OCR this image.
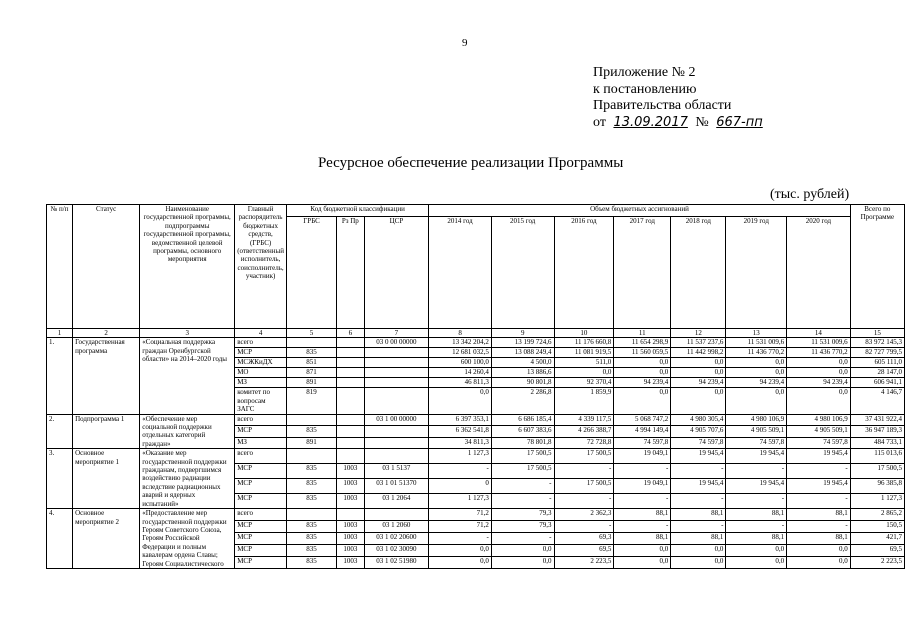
9
Приложение № 2
к постановлению
Правительства области
от 13.09.2017 № 667-пп
Ресурсное обеспечение реализации Программы
(тыс. рублей)
№ п/п	Статус	Наименование государственной программы, подпрограммы государственной программы, ведомственной целевой программы, основного мероприятия	Главный распорядитель бюджетных средств, (ГРБС) (ответственный исполнитель, соисполнитель, участник)	Код бюджетной классификации			Объем бюджетных ассигнований							Всего по Программе
				ГРБС	Рз Пр	ЦСР	2014 год	2015 год	2016 год	2017 год	2018 год	2019 год	2020 год	
1	2	3	4	5	6	7	8	9	10	11	12	13	14	15
1.	Государственная программа	«Социальная поддержка граждан Оренбургской области» на 2014–2020 годы	всего			03 0 00 00000	13 342 204,2	13 199 724,6	11 176 660,8	11 654 298,9	11 537 237,6	11 531 009,6	11 531 009,6	83 972 145,3
			МСР	835			12 681 032,5	13 088 249,4	11 081 919,5	11 560 059,5	11 442 998,2	11 436 770,2	11 436 770,2	82 727 799,5
			МСЖКиДХ	851			600 100,0	4 500,0	511,0	0,0	0,0	0,0	0,0	605 111,0
			МО	871			14 260,4	13 886,6	0,0	0,0	0,0	0,0	0,0	28 147,0
			МЗ	891			46 811,3	90 801,8	92 370,4	94 239,4	94 239,4	94 239,4	94 239,4	606 941,1
			комитет по вопросам ЗАГС	819			0,0	2 286,8	1 859,9	0,0	0,0	0,0	0,0	4 146,7
2.	Подпрограмма 1	«Обеспечение мер социальной поддержки отдельных категорий граждан»	всего			03 1 00 00000	6 397 353,1	6 686 185,4	4 339 117,5	5 068 747,2	4 980 305,4	4 980 106,9	4 980 106,9	37 431 922,4
			МСР	835			6 362 541,8	6 607 383,6	4 266 388,7	4 994 149,4	4 905 707,6	4 905 509,1	4 905 509,1	36 947 189,3
			МЗ	891			34 811,3	78 801,8	72 728,8	74 597,8	74 597,8	74 597,8	74 597,8	484 733,1
3.	Основное мероприятие 1	«Оказание мер государственной поддержки гражданам, подвергшимся воздействию радиации вследствие радиационных аварий и ядерных испытаний»	всего				1 127,3	17 500,5	17 500,5	19 049,1	19 945,4	19 945,4	19 945,4	115 013,6
			МСР	835	1003	03 1 5137	-	17 500,5	-	-	-	-	-	17 500,5
			МСР	835	1003	03 1 01 51370	0	-	17 500,5	19 049,1	19 945,4	19 945,4	19 945,4	96 385,8
			МСР	835	1003	03 1 2064	1 127,3	-	-	-	-	-	-	1 127,3
4.	Основное мероприятие 2	«Предоставление мер государственной поддержки Героям Советского Союза, Героям Российской Федерации и полным кавалерам ордена Славы; Героям Социалистического	всего				71,2	79,3	2 362,3	88,1	88,1	88,1	88,1	2 865,2
			МСР	835	1003	03 1 2060	71,2	79,3	-	-	-	-	-	150,5
			МСР	835	1003	03 1 02 20600	-	-	69,3	88,1	88,1	88,1	88,1	421,7
			МСР	835	1003	03 1 02 30090	0,0	0,0	69,5	0,0	0,0	0,0	0,0	69,5
			МСР	835	1003	03 1 02 51980	0,0	0,0	2 223,5	0,0	0,0	0,0	0,0	2 223,5
